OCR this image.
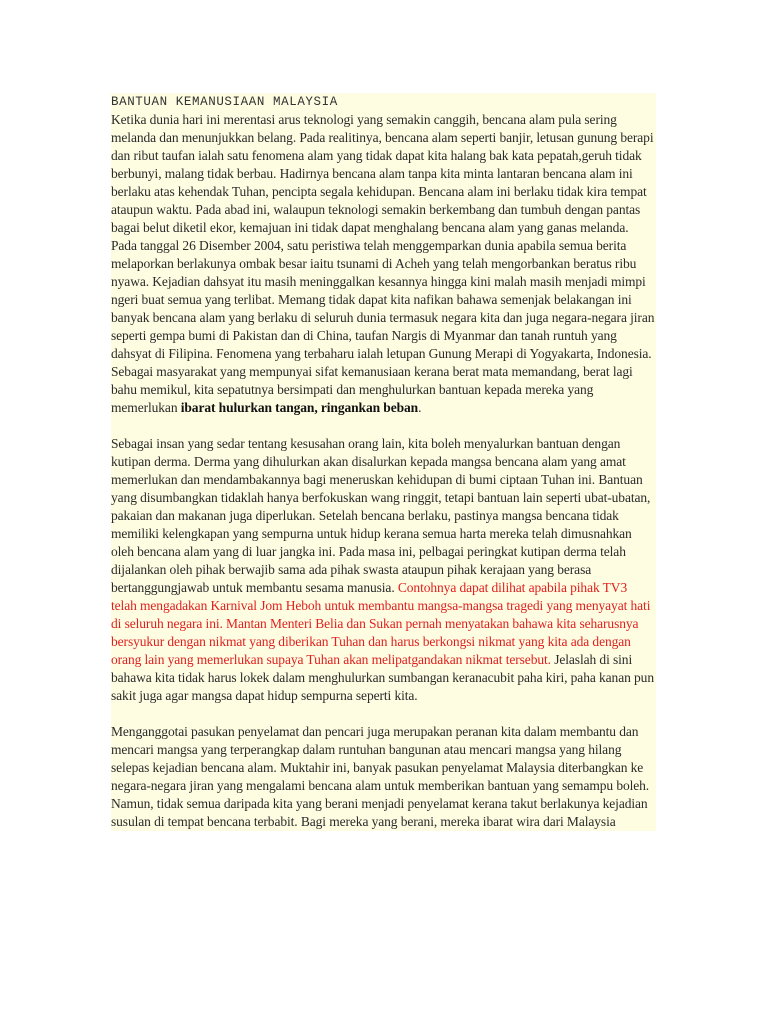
BANTUAN KEMANUSIAAN MALAYSIA

Ketika dunia hari ini merentasi arus teknologi yang semakin canggih, bencana alam pula sering melanda dan menunjukkan belang. Pada realitinya, bencana alam seperti banjir, letusan gunung berapi dan ribut taufan ialah satu fenomena alam yang tidak dapat kita halang bak kata pepatah,geruh tidak berbunyi, malang tidak berbau. Hadirnya bencana alam tanpa kita minta lantaran bencana alam ini berlaku atas kehendak Tuhan, pencipta segala kehidupan. Bencana alam ini berlaku tidak kira tempat ataupun waktu. Pada abad ini, walaupun teknologi semakin berkembang dan tumbuh dengan pantas bagai belut diketil ekor, kemajuan ini tidak dapat menghalang bencana alam yang ganas melanda. Pada tanggal 26 Disember 2004, satu peristiwa telah menggemparkan dunia apabila semua berita melaporkan berlakunya ombak besar iaitu tsunami di Acheh yang telah mengorbankan beratus ribu nyawa. Kejadian dahsyat itu masih meninggalkan kesannya hingga kini malah masih menjadi mimpi ngeri buat semua yang terlibat. Memang tidak dapat kita nafikan bahawa semenjak belakangan ini banyak bencana alam yang berlaku di seluruh dunia termasuk negara kita dan juga negara-negara jiran seperti gempa bumi di Pakistan dan di China, taufan Nargis di Myanmar dan tanah runtuh yang dahsyat di Filipina. Fenomena yang terbaharu ialah letupan Gunung Merapi di Yogyakarta, Indonesia. Sebagai masyarakat yang mempunyai sifat kemanusiaan kerana berat mata memandang, berat lagi bahu memikul, kita sepatutnya bersimpati dan menghulurkan bantuan kepada mereka yang memerlukan ibarat hulurkan tangan, ringankan beban.

Sebagai insan yang sedar tentang kesusahan orang lain, kita boleh menyalurkan bantuan dengan kutipan derma. Derma yang dihulurkan akan disalurkan kepada mangsa bencana alam yang amat memerlukan dan mendambakannya bagi meneruskan kehidupan di bumi ciptaan Tuhan ini. Bantuan yang disumbangkan tidaklah hanya berfokuskan wang ringgit, tetapi bantuan lain seperti ubat-ubatan, pakaian dan makanan juga diperlukan. Setelah bencana berlaku, pastinya mangsa bencana tidak memiliki kelengkapan yang sempurna untuk hidup kerana semua harta mereka telah dimusnahkan oleh bencana alam yang di luar jangka ini. Pada masa ini, pelbagai peringkat kutipan derma telah dijalankan oleh pihak berwajib sama ada pihak swasta ataupun pihak kerajaan yang berasa bertanggungjawab untuk membantu sesama manusia. Contohnya dapat dilihat apabila pihak TV3 telah mengadakan Karnival Jom Heboh untuk membantu mangsa-mangsa tragedi yang menyayat hati di seluruh negara ini. Mantan Menteri Belia dan Sukan pernah menyatakan bahawa kita seharusnya bersyukur dengan nikmat yang diberikan Tuhan dan harus berkongsi nikmat yang kita ada dengan orang lain yang memerlukan supaya Tuhan akan melipatgandakan nikmat tersebut. Jelaslah di sini bahawa kita tidak harus lokek dalam menghulurkan sumbangan keranacubit paha kiri, paha kanan pun sakit juga agar mangsa dapat hidup sempurna seperti kita.

Menganggotai pasukan penyelamat dan pencari juga merupakan peranan kita dalam membantu dan mencari mangsa yang terperangkap dalam runtuhan bangunan atau mencari mangsa yang hilang selepas kejadian bencana alam. Muktahir ini, banyak pasukan penyelamat Malaysia diterbangkan ke negara-negara jiran yang mengalami bencana alam untuk memberikan bantuan yang semampu boleh. Namun, tidak semua daripada kita yang berani menjadi penyelamat kerana takut berlakunya kejadian susulan di tempat bencana terbabit. Bagi mereka yang berani, mereka ibarat wira dari Malaysia
